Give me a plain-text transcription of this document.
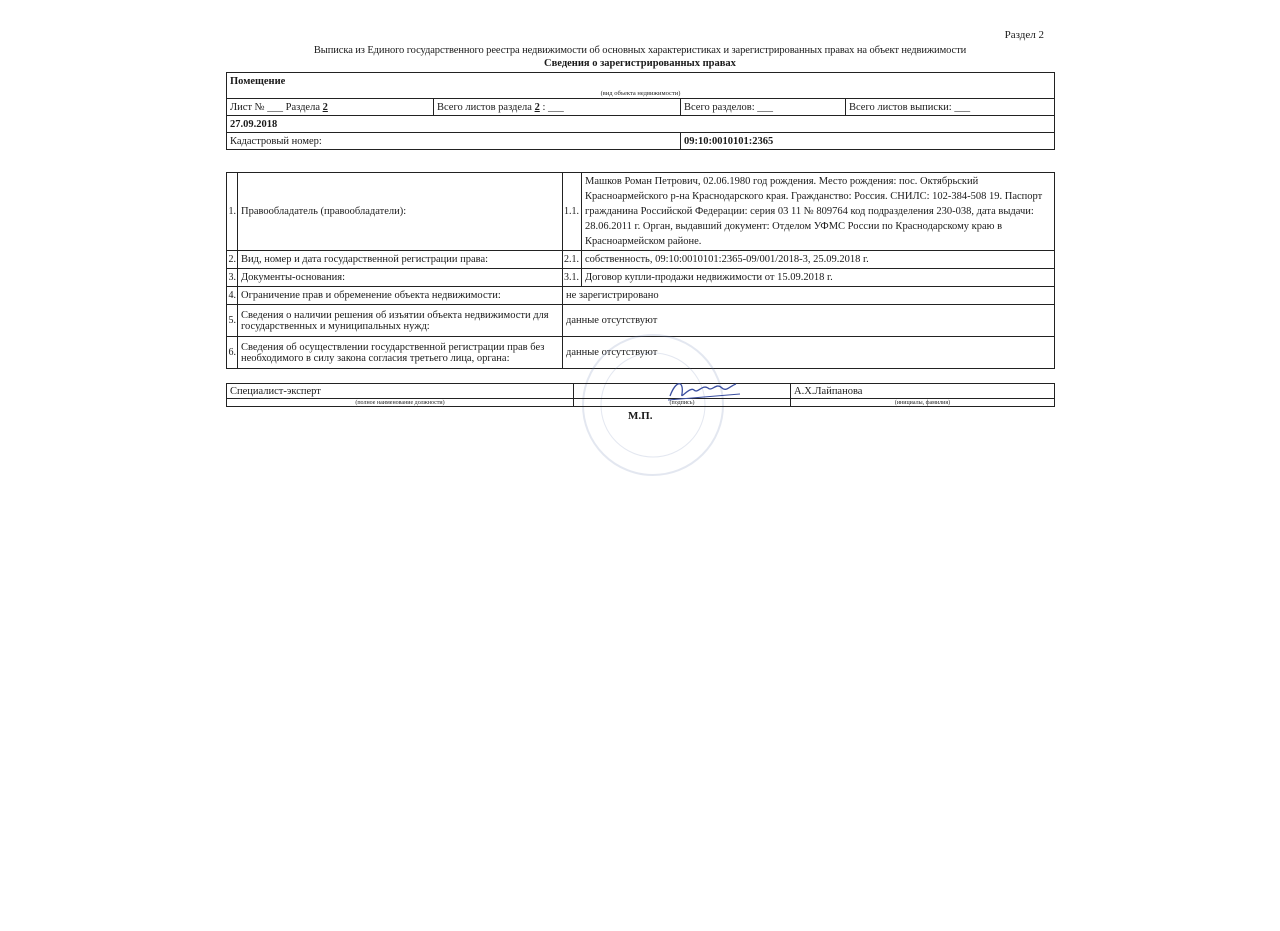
Раздел 2
Выписка из Единого государственного реестра недвижимости об основных характеристиках и зарегистрированных правах на объект недвижимости
Сведения о зарегистрированных правах
Помещение			
(вид объекта недвижимости)			
Лист № ___ Раздела 2	Всего листов раздела 2 : ___	Всего разделов: ___	Всего листов выписки: ___
27.09.2018			
Кадастровый номер:		09:10:0010101:2365	
1.	Правообладатель (правообладатели):	1.1.	Машков Роман Петрович, 02.06.1980 год рождения. Место рождения: пос. Октябрьский Красноармейского р-на Краснодарского края. Гражданство: Россия. СНИЛС: 102-384-508 19. Паспорт гражданина Российской Федерации: серия 03 11 № 809764 код подразделения 230-038, дата выдачи: 28.06.2011 г. Орган, выдавший документ: Отделом УФМС России по Краснодарскому краю в Красноармейском районе.
2.	Вид, номер и дата государственной регистрации права:	2.1.	собственность, 09:10:0010101:2365-09/001/2018-3, 25.09.2018 г.
3.	Документы-основания:	3.1.	Договор купли-продажи недвижимости от 15.09.2018 г.
4.	Ограничение прав и обременение объекта недвижимости:	не зарегистрировано	
5.	Сведения о наличии решения об изъятии объекта недвижимости для государственных и муниципальных нужд:	данные отсутствуют	
6.	Сведения об осуществлении государственной регистрации прав без необходимого в силу закона согласия третьего лица, органа:	данные отсутствуют	
Специалист-эксперт		А.Х.Лайпанова
(полное наименование должности)	(подпись)	(инициалы, фамилия)
М.П.
